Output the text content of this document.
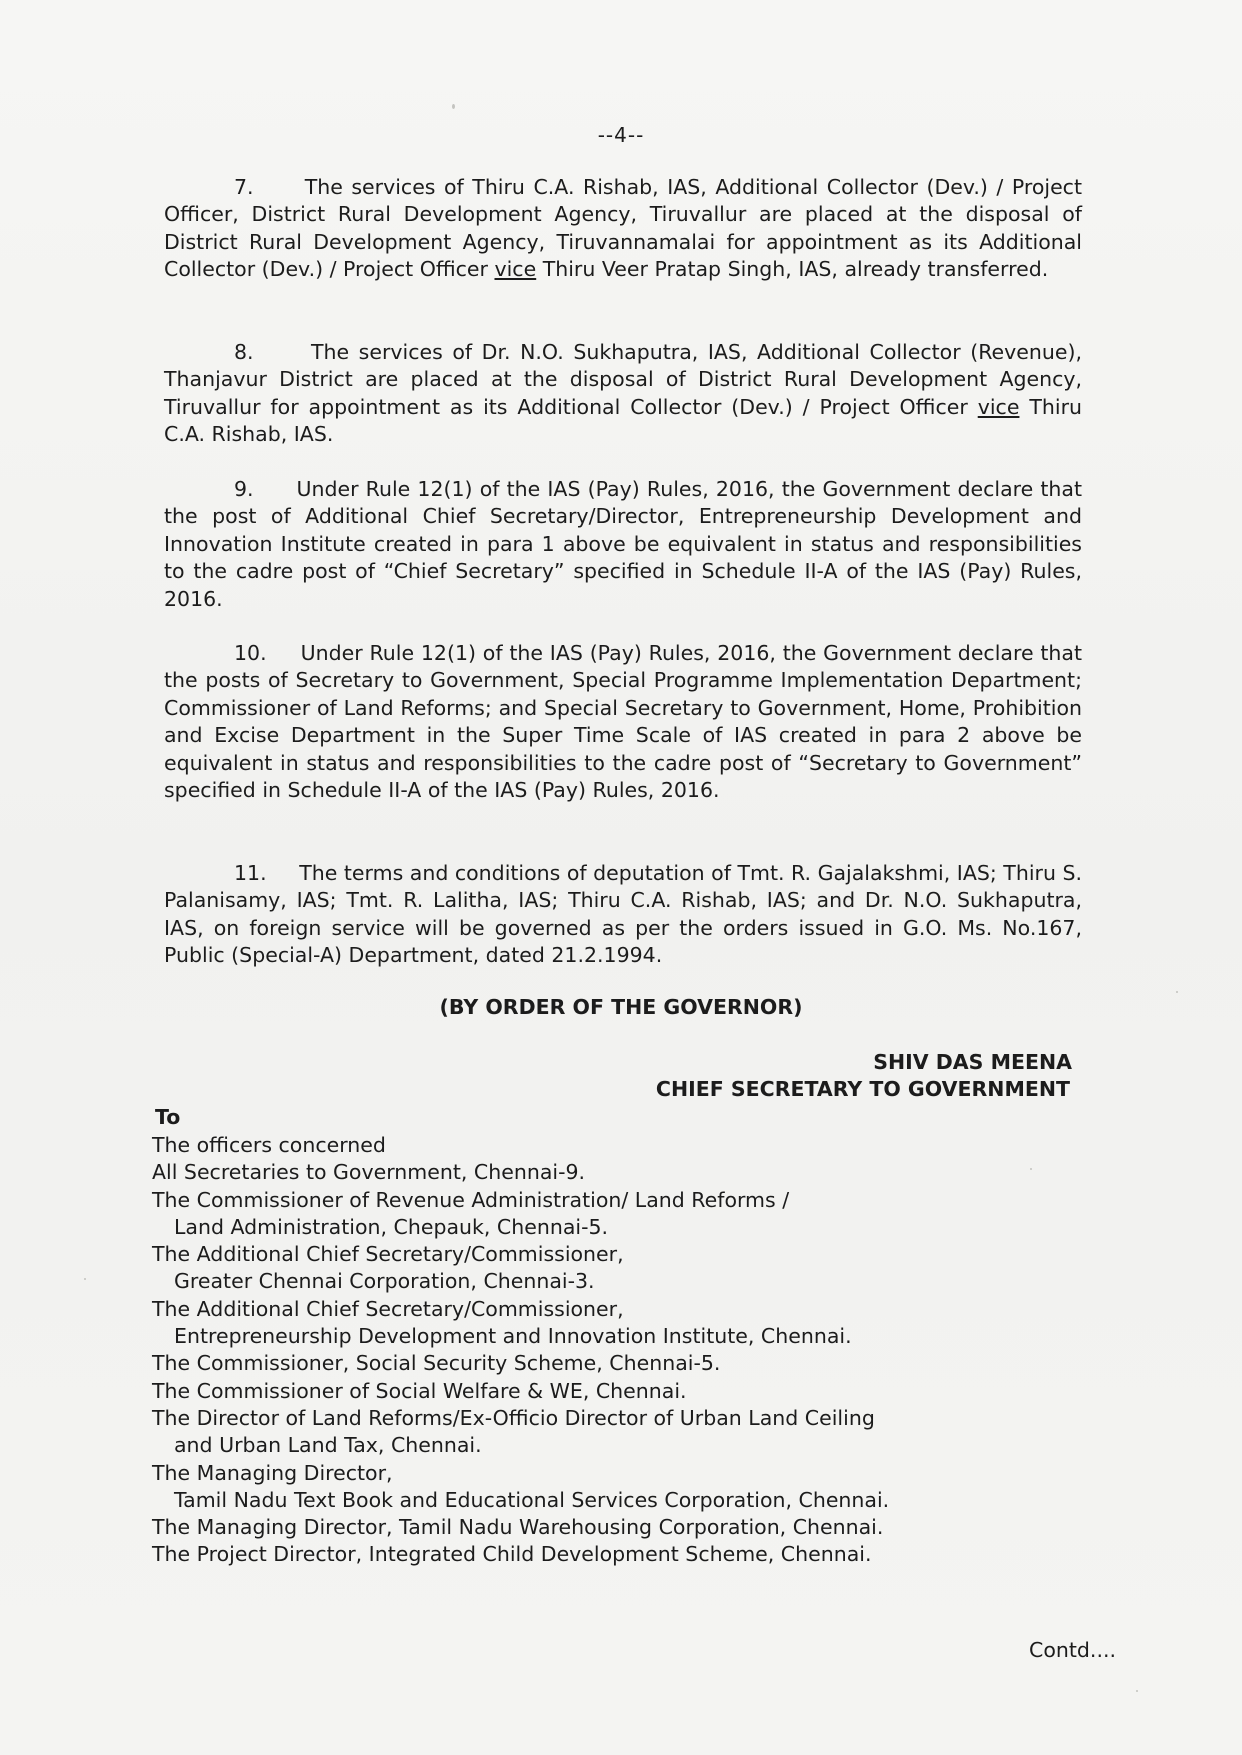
--4--
7. The services of Thiru C.A. Rishab, IAS, Additional Collector (Dev.) / Project Officer, District Rural Development Agency, Tiruvallur are placed at the disposal of District Rural Development Agency, Tiruvannamalai for appointment as its Additional Collector (Dev.) / Project Officer vice Thiru Veer Pratap Singh, IAS, already transferred.
8.	The services of Dr. N.O. Sukhaputra, IAS, Additional Collector (Revenue), Thanjavur District are placed at the disposal of District Rural Development Agency, Tiruvallur for appointment as its Additional Collector (Dev.) / Project Officer vice Thiru C.A. Rishab, IAS.
9. Under Rule 12(1) of the IAS (Pay) Rules, 2016, the Government declare that the post of Additional Chief Secretary/Director, Entrepreneurship Development and Innovation Institute created in para 1 above be equivalent in status and responsibilities to the cadre post of “Chief Secretary” specified in Schedule II-A of the IAS (Pay) Rules, 2016.
10. Under Rule 12(1) of the IAS (Pay) Rules, 2016, the Government declare that the posts of Secretary to Government, Special Programme Implementation Department; Commissioner of Land Reforms; and Special Secretary to Government, Home, Prohibition and Excise Department in the Super Time Scale of IAS created in para 2 above be equivalent in status and responsibilities to the cadre post of “Secretary to Government” specified in Schedule II-A of the IAS (Pay) Rules, 2016.
11. The terms and conditions of deputation of Tmt. R. Gajalakshmi, IAS; Thiru S. Palanisamy, IAS; Tmt. R. Lalitha, IAS; Thiru C.A. Rishab, IAS; and Dr. N.O. Sukhaputra, IAS, on foreign service will be governed as per the orders issued in G.O. Ms. No.167, Public (Special-A) Department, dated 21.2.1994.
(BY ORDER OF THE GOVERNOR)
SHIV DAS MEENA
CHIEF SECRETARY TO GOVERNMENT
To
The officers concerned
All Secretaries to Government, Chennai-9.
The Commissioner of Revenue Administration/ Land Reforms /
Land Administration, Chepauk, Chennai-5.
The Additional Chief Secretary/Commissioner,
Greater Chennai Corporation, Chennai-3.
The Additional Chief Secretary/Commissioner,
Entrepreneurship Development and Innovation Institute, Chennai.
The Commissioner, Social Security Scheme, Chennai-5.
The Commissioner of Social Welfare & WE, Chennai.
The Director of Land Reforms/Ex-Officio Director of Urban Land Ceiling
and Urban Land Tax, Chennai.
The Managing Director,
Tamil Nadu Text Book and Educational Services Corporation, Chennai.
The Managing Director, Tamil Nadu Warehousing Corporation, Chennai.
The Project Director, Integrated Child Development Scheme, Chennai.
Contd....
